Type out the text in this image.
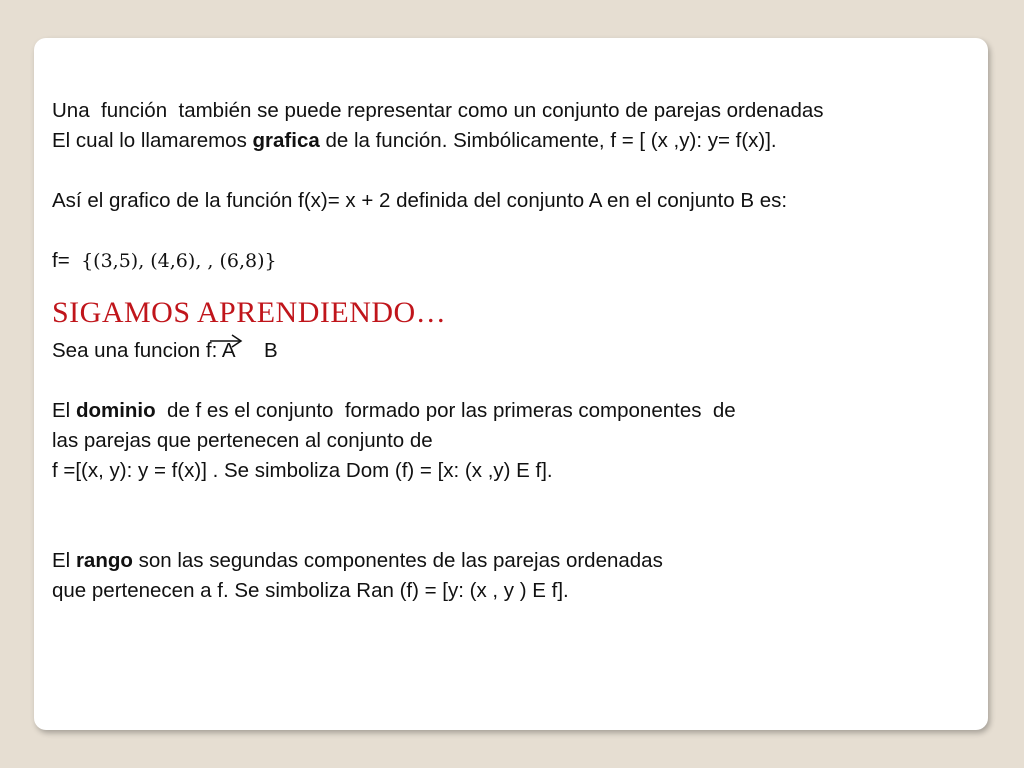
Una  función  también se puede representar como un conjunto de parejas ordenadas
El cual lo llamaremos grafica de la función. Simbólicamente, f = [ (x ,y): y= f(x)].
Así el grafico de la función f(x)= x + 2 definida del conjunto A en el conjunto B es:
f=  {(3,5), (4,6), , (6,8)}
SIGAMOS APRENDIENDO…
Sea una funcion f: A
B
El dominio  de f es el conjunto  formado por las primeras componentes  de
las parejas que pertenecen al conjunto de
f =[(x, y): y = f(x)] . Se simboliza Dom (f) = [x: (x ,y) E f].
El rango son las segundas componentes de las parejas ordenadas
que pertenecen a f. Se simboliza Ran (f) = [y: (x , y ) E f].
